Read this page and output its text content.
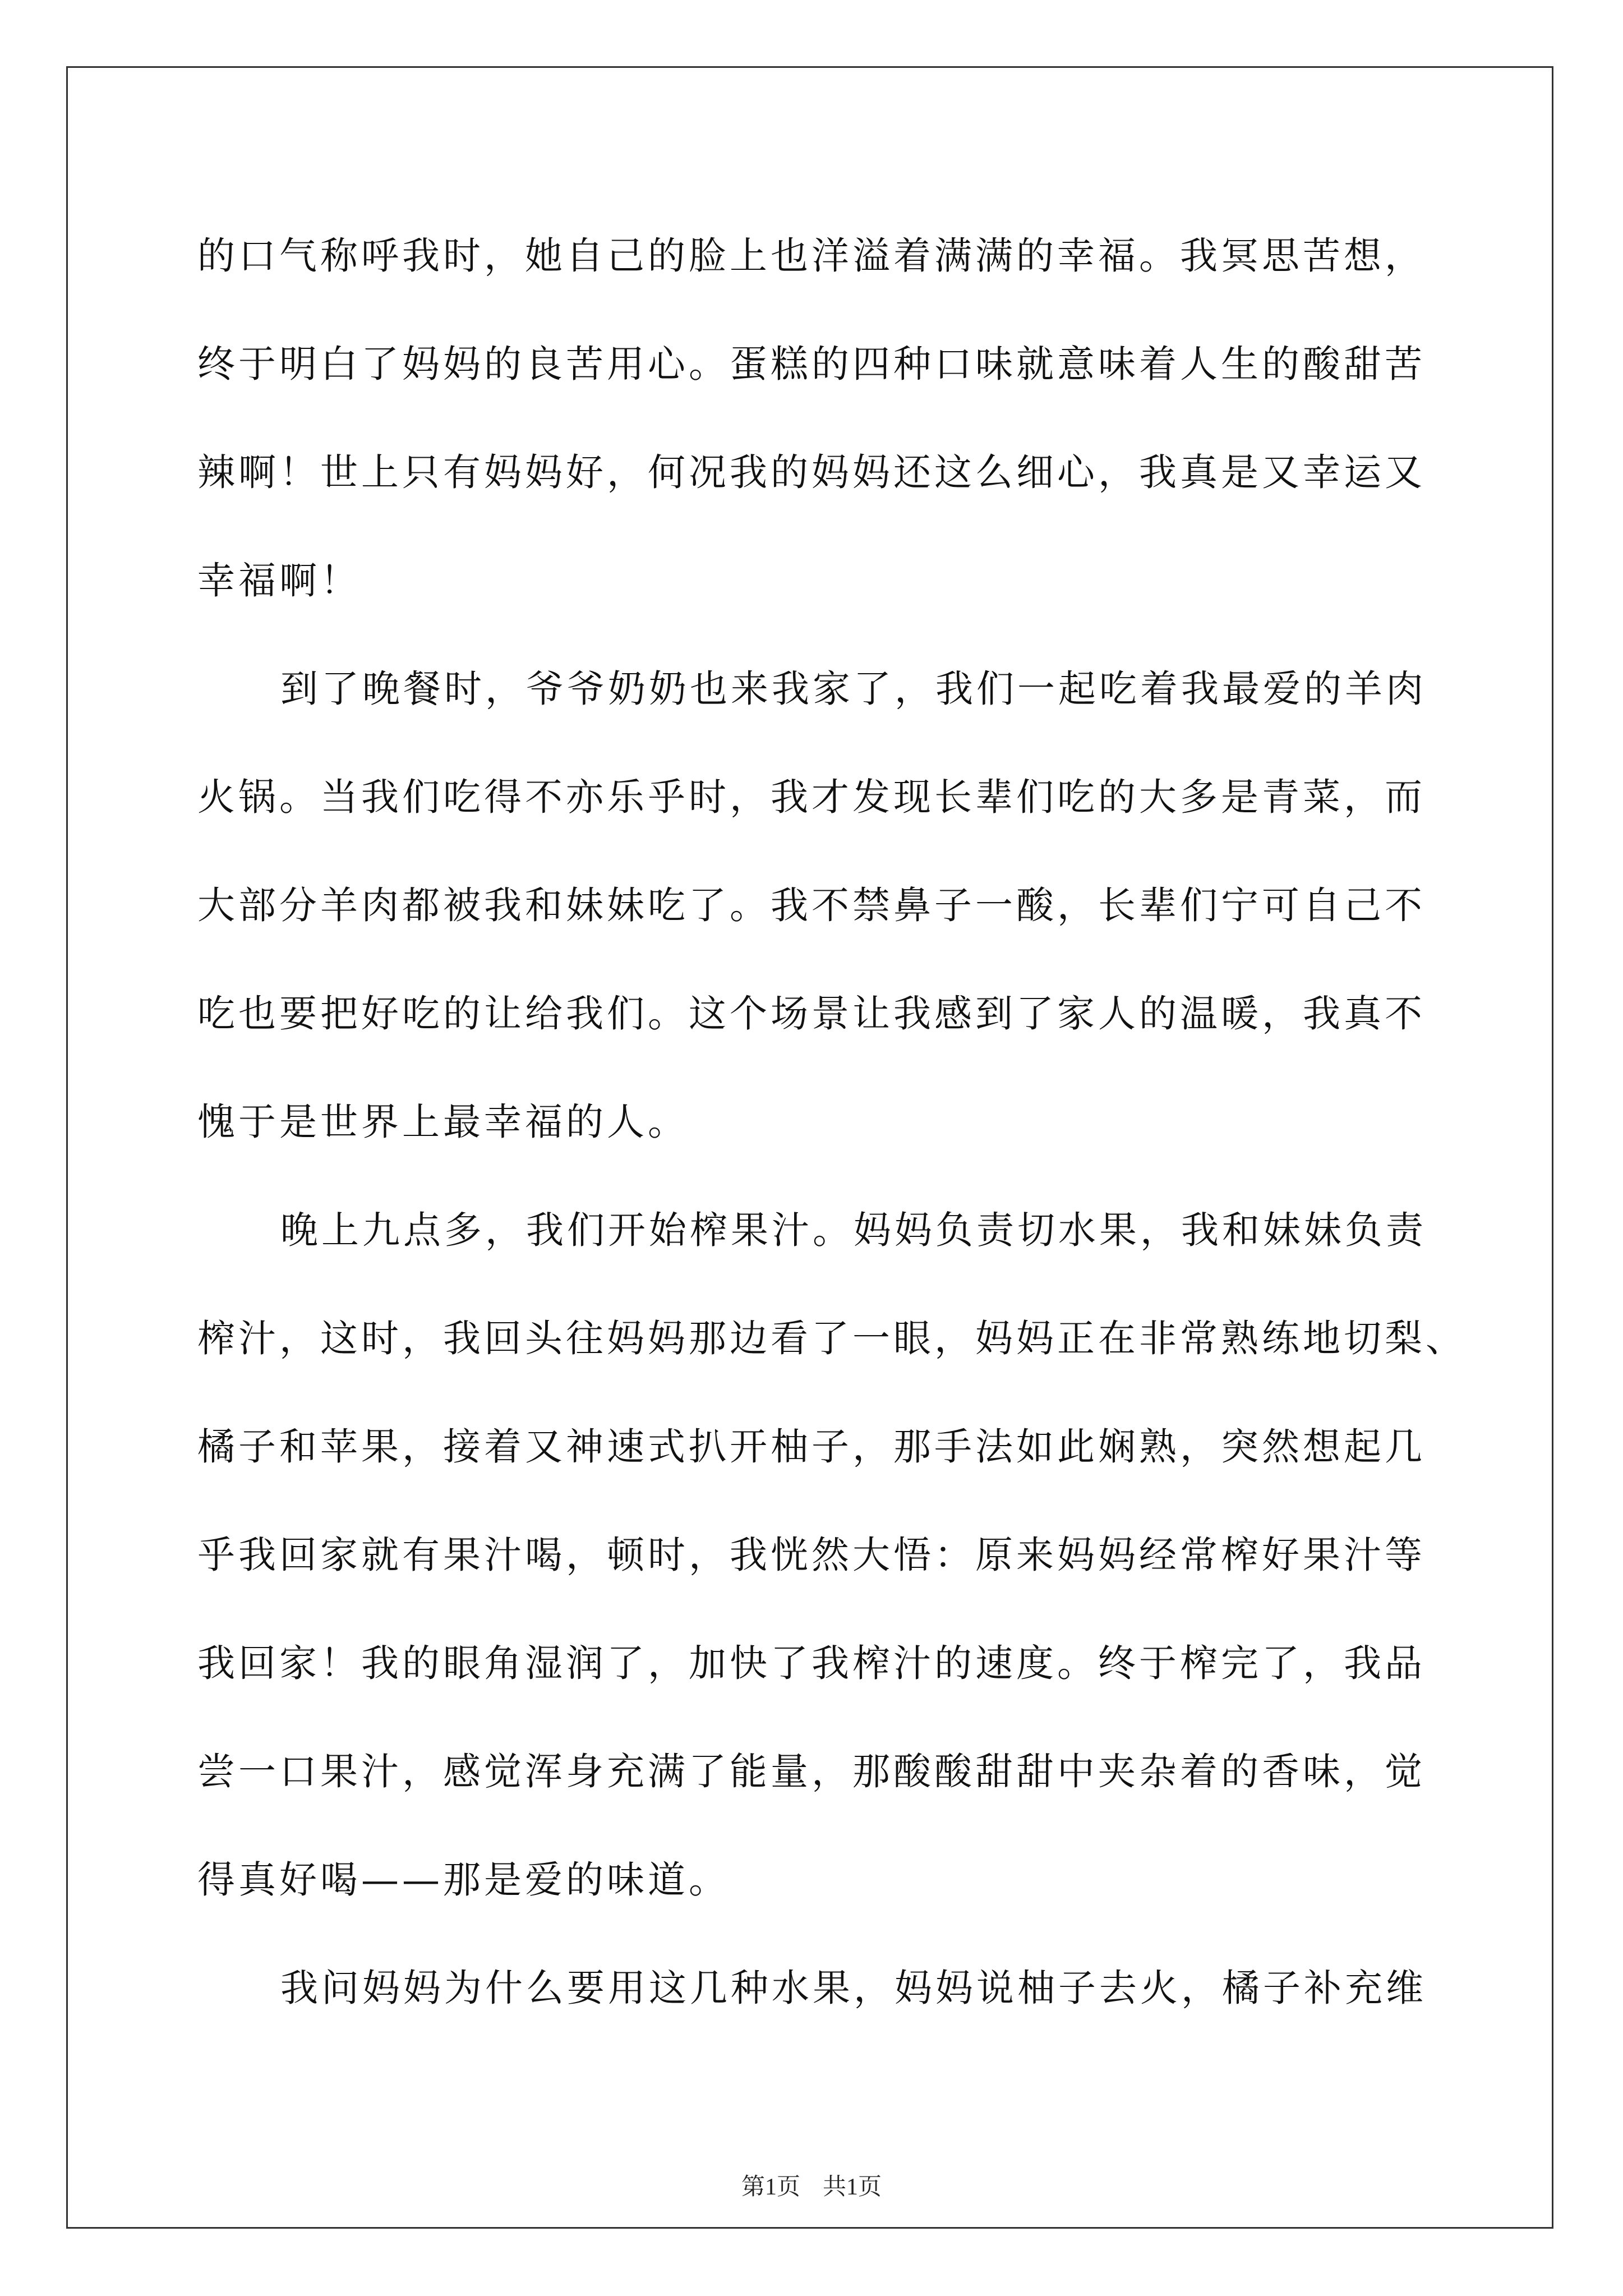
的口气称呼我时，她自己的脸上也洋溢着满满的幸福。我冥思苦想，
终于明白了妈妈的良苦用心。蛋糕的四种口味就意味着人生的酸甜苦
辣啊！世上只有妈妈好，何况我的妈妈还这么细心，我真是又幸运又
幸福啊！
到了晚餐时，爷爷奶奶也来我家了，我们一起吃着我最爱的羊肉
火锅。当我们吃得不亦乐乎时，我才发现长辈们吃的大多是青菜，而
大部分羊肉都被我和妹妹吃了。我不禁鼻子一酸，长辈们宁可自己不
吃也要把好吃的让给我们。这个场景让我感到了家人的温暖，我真不
愧于是世界上最幸福的人。
晚上九点多，我们开始榨果汁。妈妈负责切水果，我和妹妹负责
榨汁，这时，我回头往妈妈那边看了一眼，妈妈正在非常熟练地切梨、
橘子和苹果，接着又神速式扒开柚子，那手法如此娴熟，突然想起几
乎我回家就有果汁喝，顿时，我恍然大悟：原来妈妈经常榨好果汁等
我回家！我的眼角湿润了，加快了我榨汁的速度。终于榨完了，我品
尝一口果汁，感觉浑身充满了能量，那酸酸甜甜中夹杂着的香味，觉
得真好喝——那是爱的味道。
我问妈妈为什么要用这几种水果，妈妈说柚子去火，橘子补充维
第1页 共1页
